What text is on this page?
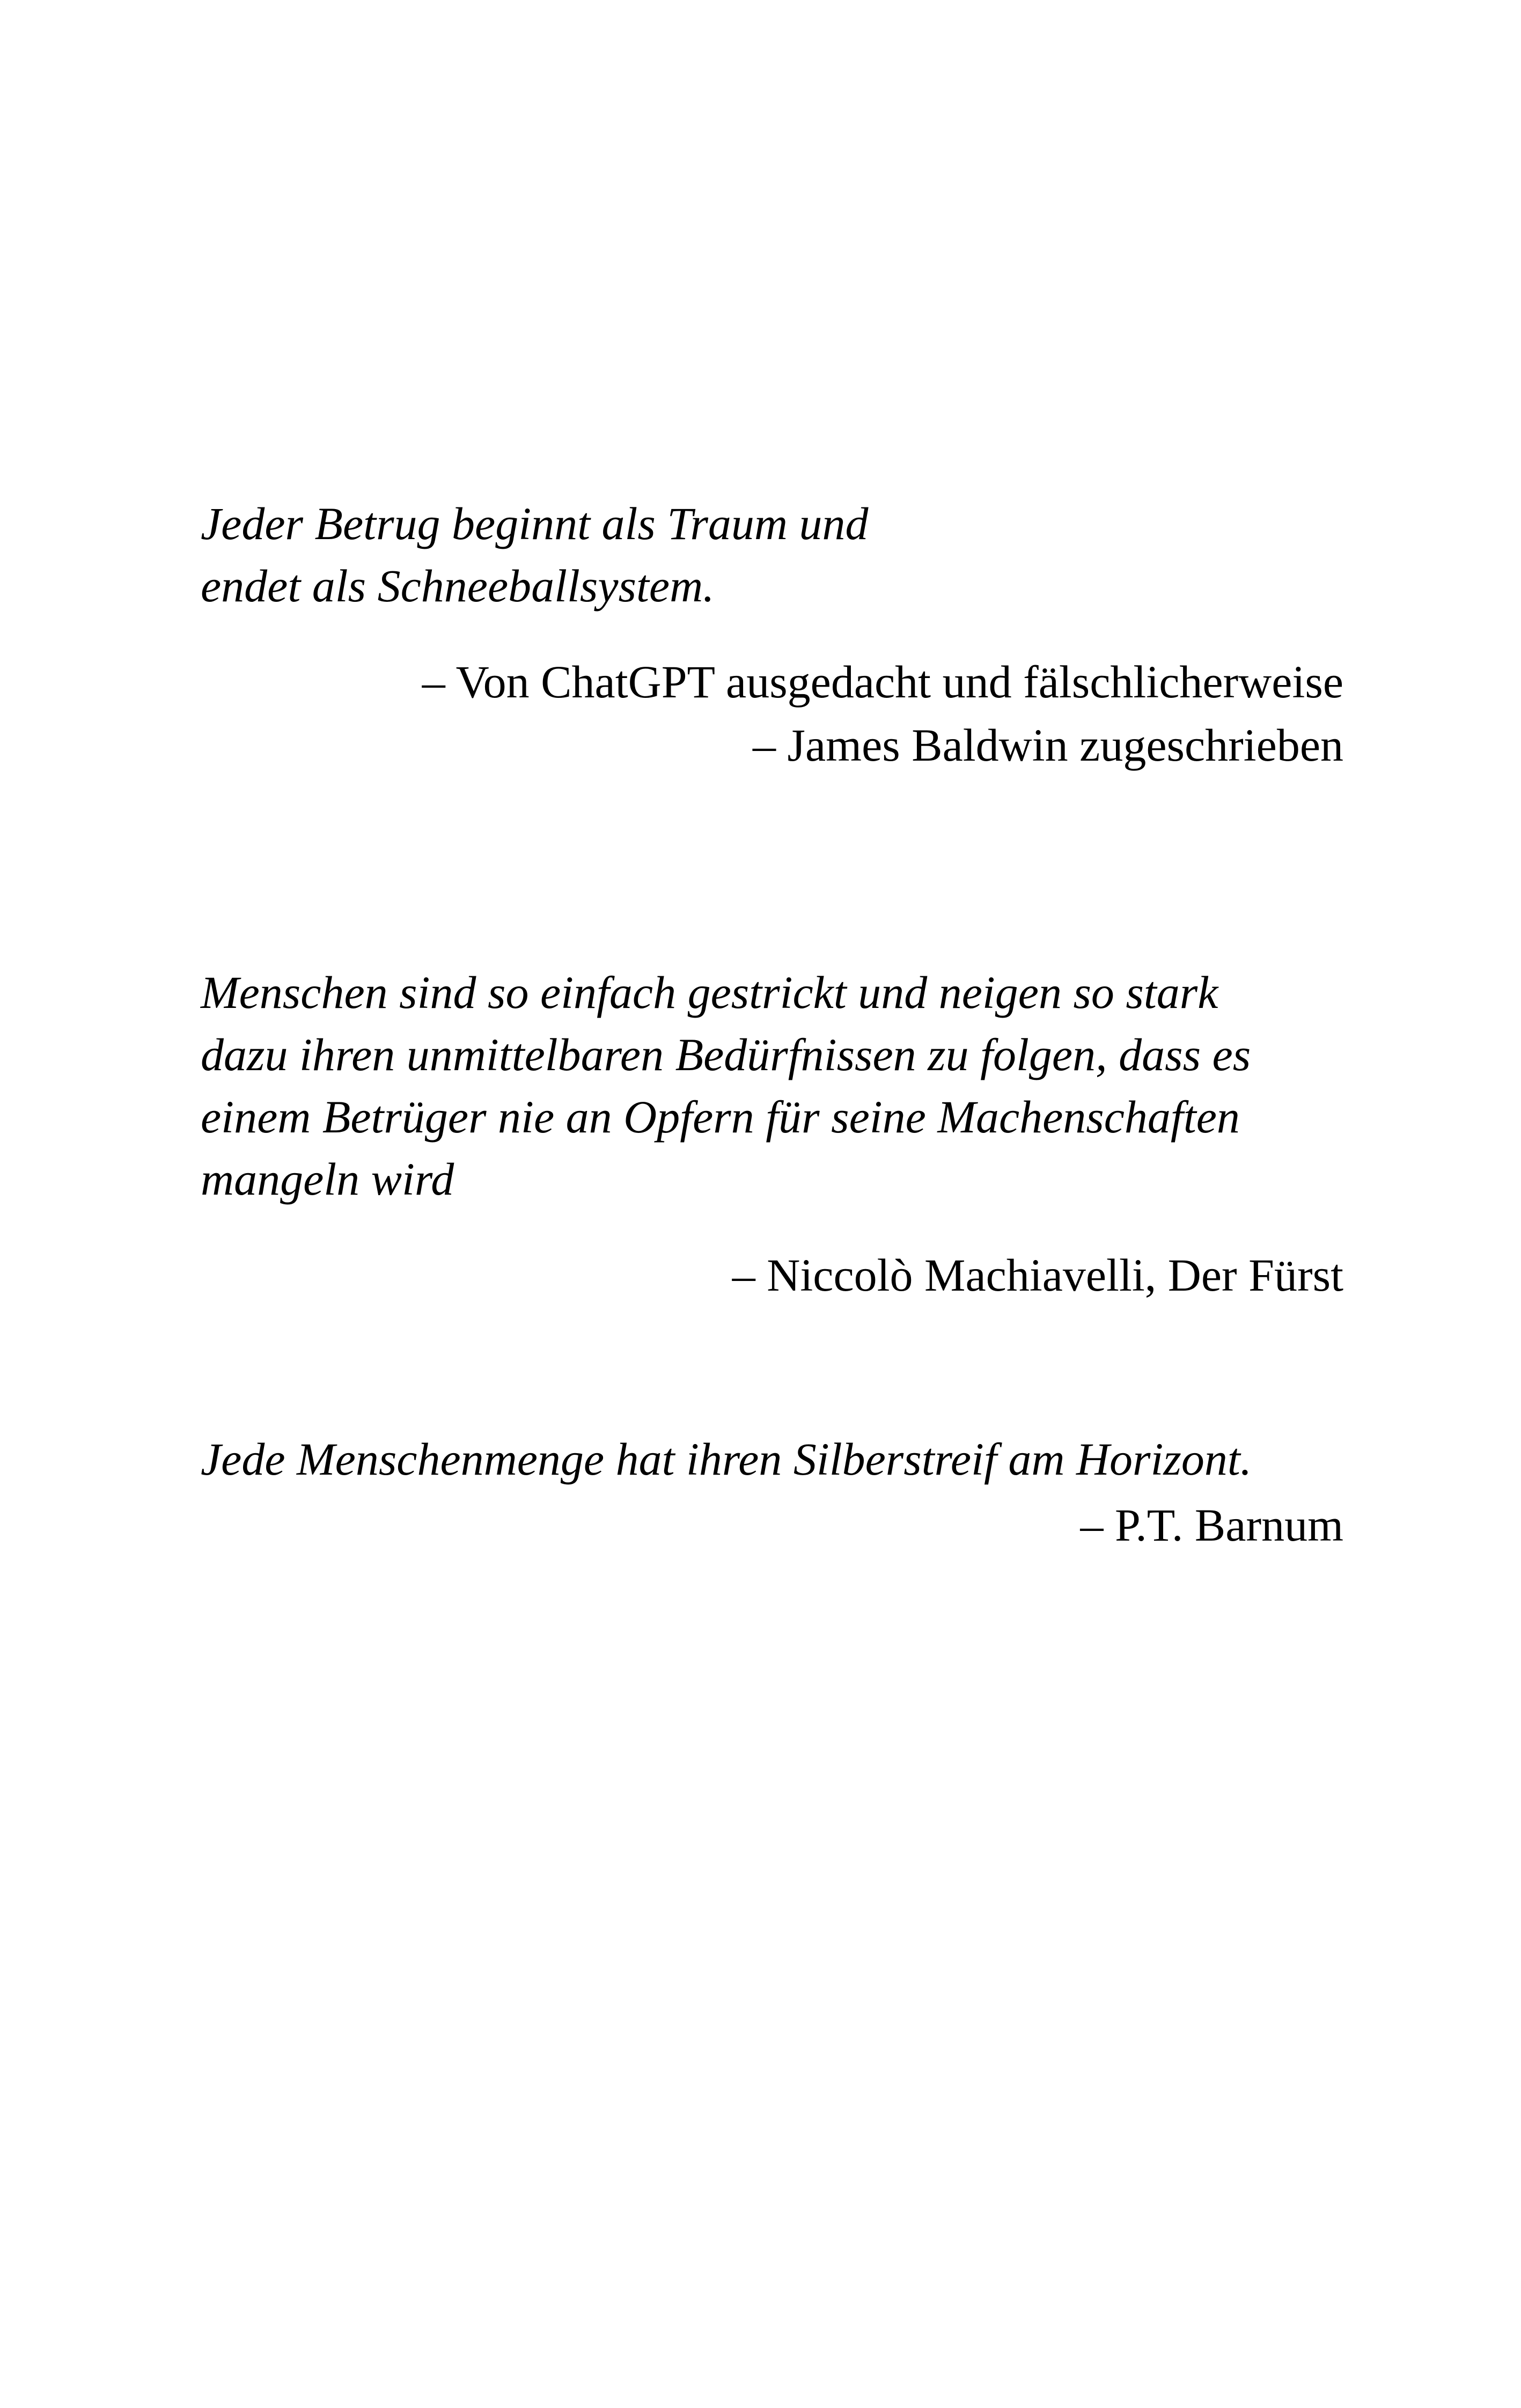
Jeder Betrug beginnt als Traum und
endet als Schneeballsystem.

– Von ChatGPT ausgedacht und fälschlicherweise
– James Baldwin zugeschrieben

Menschen sind so einfach gestrickt und neigen so stark
dazu ihren unmittelbaren Bedürfnissen zu folgen, dass es
einem Betrüger nie an Opfern für seine Machenschaften
mangeln wird

– Niccolò Machiavelli, Der Fürst

Jede Menschenmenge hat ihren Silberstreif am Horizont.

– P.T. Barnum
